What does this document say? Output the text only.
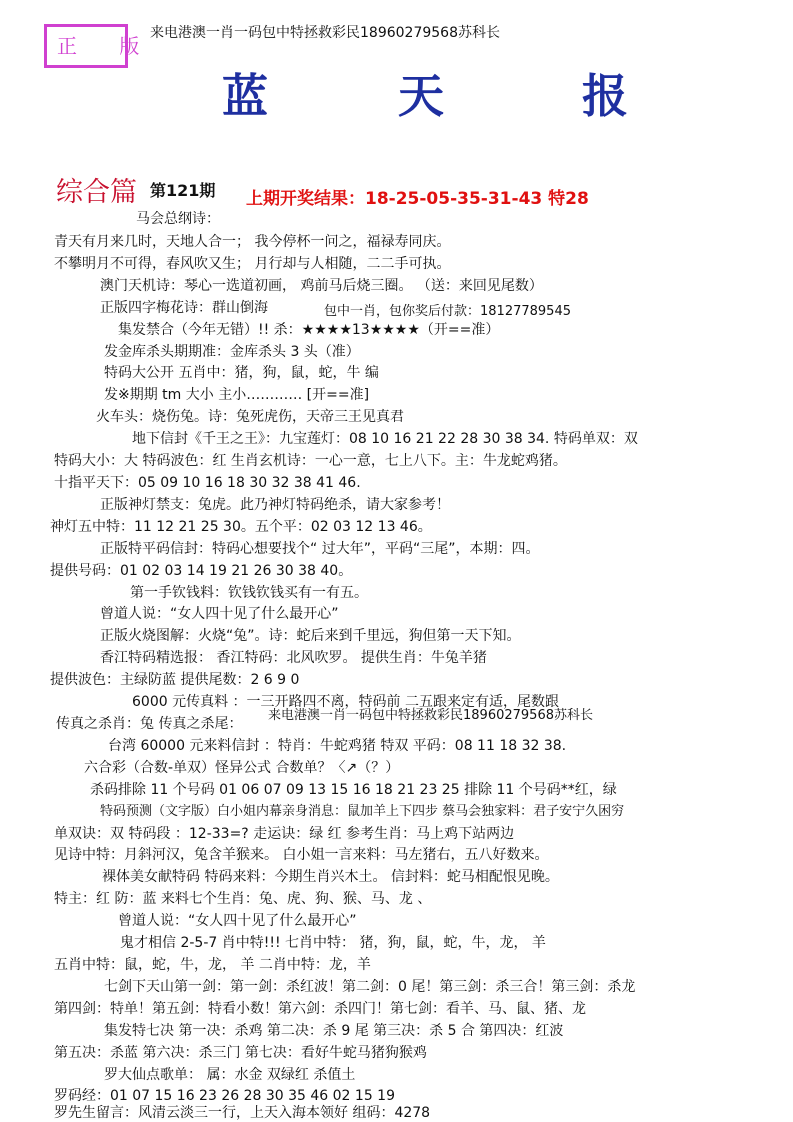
正 版
来电港澳一肖一码包中特拯救彩民18960279568苏科长
蓝	天	报
综合篇 第121期 上期开奖结果：18-25-05-35-31-43 特28
马会总纲诗：
青天有月来几时，天地人合一； 我今停杯一问之，福禄寿同庆。
不攀明月不可得，春风吹又生； 月行却与人相随，二二手可执。
澳门天机诗：琴心一选道初画， 鸡前马后烧三圈。 （送：来回见尾数）
正版四字梅花诗：群山倒海
集发禁合（今年无错）!! 杀：★★★★13★★★★（开==准）
发金库杀头期期准：金库杀头 3 头（准）
特码大公开 五肖中：猪，狗，鼠，蛇，牛 编
发※期期 tm 大小 主小………… [开==准]
火车头：烧伤兔。诗：兔死虎伤，天帝三王见真君
地下信封《千王之王》：九宝莲灯：08 10 16 21 22 28 30 38 34. 特码单双：双
特码大小：大 特码波色：红 生肖玄机诗：一心一意，七上八下。主：牛龙蛇鸡猪。
十指平天下：05 09 10 16 18 30 32 38 41 46.
正版神灯禁支：兔虎。此乃神灯特码绝杀，请大家参考！
神灯五中特：11 12 21 25 30。五个平：02 03 12 13 46。
正版特平码信封：特码心想要找个“ 过大年”，平码“三尾”，本期：四。
提供号码：01 02 03 14 19 21 26 30 38 40。
第一手钦钱料：钦钱钦钱买有一有五。
曾道人说：“女人四十见了什么最开心”
正版火烧图解：火烧“兔”。诗：蛇后来到千里远，狗但第一天下知。
香江特码精选报： 香江特码：北风吹罗。 提供生肖：牛兔羊猪
提供波色：主绿防蓝 提供尾数：2 6 9 0
6000 元传真料 ：一三开路四不离，特码前 二五跟来定有适，尾数跟
传真之杀肖：兔 传真之杀尾：
台湾 60000 元来料信封 ：特肖：牛蛇鸡猪 特双 平码：08 11 18 32 38.
六合彩（合数-单双）怪异公式 合数单？〈↗（？）
杀码排除 11 个号码 01 06 07 09 13 15 16 18 21 23 25 排除 11 个号码**红，绿
特码预测（文字版）白小姐内幕亲身消息：鼠加羊上下四步 蔡马会独家料：君子安宁久困穷
单双诀：双 特码段 ：12-33=? 走运诀：绿 红 参考生肖：马上鸡下站两边
见诗中特：月斜河汉，兔含羊猴来。 白小姐一言来料：马左猪右，五八好数来。
裸体美女献特码 特码来料：今期生肖兴木土。 信封料：蛇马相配恨见晚。
特主：红 防：蓝 来料七个生肖：兔、虎、狗、猴、马、龙 、
曾道人说：“女人四十见了什么最开心”
鬼才相信 2-5-7 肖中特!!! 七肖中特： 猪，狗，鼠，蛇，牛，龙， 羊
五肖中特：鼠，蛇，牛，龙， 羊 二肖中特：龙，羊
七剑下天山第一剑：第一剑：杀红波！第二剑：0 尾！第三剑：杀三合！第三剑：杀龙
第四剑：特单！第五剑：特看小数！第六剑：杀四门！第七剑：看羊、马、鼠、猪、龙
集发特七决 第一决：杀鸡 第二决：杀 9 尾 第三决：杀 5 合 第四决：红波
第五决：杀蓝 第六决：杀三门 第七决：看好牛蛇马猪狗猴鸡
罗大仙点歌单： 属：水金 双绿红 杀值土
罗码经：01 07 15 16 23 26 28 30 35 46 02 15 19
罗先生留言：风清云淡三一行，上天入海本领好 组码：4278
包中一肖，包你奖后付款：18127789545
来电港澳一肖一码包中特拯救彩民18960279568苏科长
